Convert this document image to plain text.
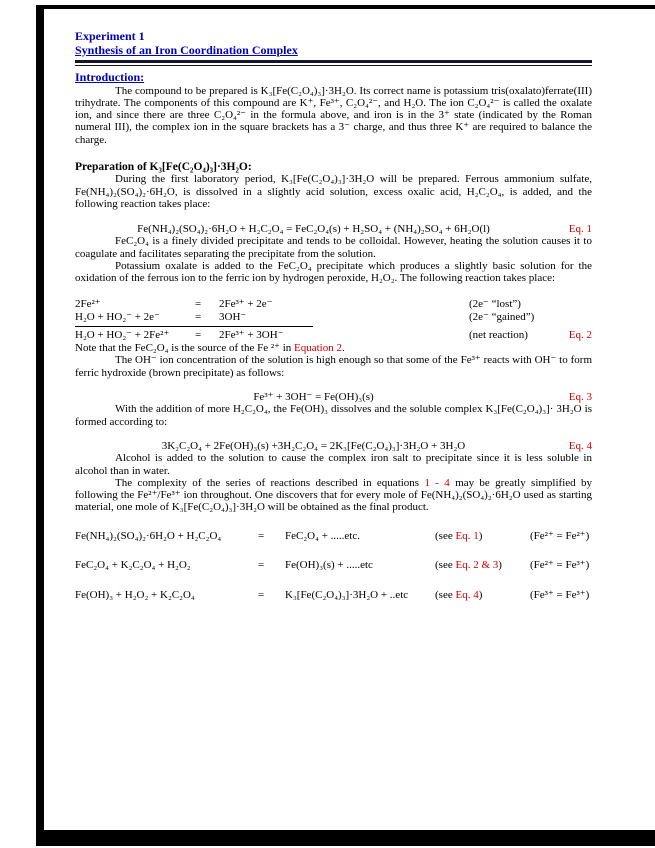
Experiment 1
Synthesis of an Iron Coordination Complex
Introduction:

The compound to be prepared is K₃[Fe(C₂O₄)₃]·3H₂O. Its correct name is potassium tris(oxalato)ferrate(III) trihydrate. The components of this compound are K⁺, Fe³⁺, C₂O₄²⁻, and H₂O. The ion C₂O₄²⁻ is called the oxalate ion, and since there are three C₂O₄²⁻ in the formula above, and iron is in the 3⁺ state (indicated by the Roman numeral III), the complex ion in the square brackets has a 3⁻ charge, and thus three K⁺ are required to balance the charge.

Preparation of K₃[Fe(C₂O₄)₃]·3H₂O:

During the first laboratory period, K₃[Fe(C₂O₄)₃]·3H₂O will be prepared. Ferrous ammonium sulfate, Fe(NH₄)₂(SO₄)₂·6H₂O, is dissolved in a slightly acid solution, excess oxalic acid, H₂C₂O₄, is added, and the following reaction takes place:

Fe(NH₄)₂(SO₄)₂·6H₂O + H₂C₂O₄ = FeC₂O₄(s) + H₂SO₄ + (NH₄)₂SO₄ + 6H₂O(l)	Eq. 1

FeC₂O₄ is a finely divided precipitate and tends to be colloidal. However, heating the solution causes it to coagulate and facilitates separating the precipitate from the solution.

Potassium oxalate is added to the FeC₂O₄ precipitate which produces a slightly basic solution for the oxidation of the ferrous ion to the ferric ion by hydrogen peroxide, H₂O₂. The following reaction takes place:

2Fe²⁺	=	2Fe³⁺ + 2e⁻	(2e⁻ “lost”)
H₂O + HO₂⁻ + 2e⁻	=	3OH⁻	(2e⁻ “gained”)
H₂O + HO₂⁻ + 2Fe²⁺	=	2Fe³⁺ + 3OH⁻	(net reaction)	Eq. 2

Note that the FeC₂O₄ is the source of the Fe ²⁺ in Equation 2.

The OH⁻ ion concentration of the solution is high enough so that some of the Fe³⁺ reacts with OH⁻ to form ferric hydroxide (brown precipitate) as follows:

Fe³⁺ + 3OH⁻ = Fe(OH)₃(s)	Eq. 3

With the addition of more H₂C₂O₄, the Fe(OH)₃ dissolves and the soluble complex K₃[Fe(C₂O₄)₃]· 3H₂O is formed according to:

3K₂C₂O₄ + 2Fe(OH)₃(s) +3H₂C₂O₄ = 2K₃[Fe(C₂O₄)₃]·3H₂O + 3H₂O	Eq. 4

Alcohol is added to the solution to cause the complex iron salt to precipitate since it is less soluble in alcohol than in water.

The complexity of the series of reactions described in equations 1 - 4 may be greatly simplified by following the Fe²⁺/Fe³⁺ ion throughout. One discovers that for every mole of Fe(NH₄)₂(SO₄)₂·6H₂O used as starting material, one mole of K₃[Fe(C₂O₄)₃]·3H₂O will be obtained as the final product.

Fe(NH₄)₂(SO₄)₂·6H₂O + H₂C₂O₄	=	FeC₂O₄ + .....etc.	(see Eq. 1)	(Fe²⁺ = Fe²⁺)
FeC₂O₄ + K₂C₂O₄ + H₂O₂	=	Fe(OH)₃(s) + .....etc	(see Eq. 2 & 3)	(Fe²⁺ = Fe³⁺)
Fe(OH)₃ + H₂O₂ + K₂C₂O₄	=	K₃[Fe(C₂O₄)₃]·3H₂O + ..etc	(see Eq. 4)	(Fe³⁺ = Fe³⁺)
